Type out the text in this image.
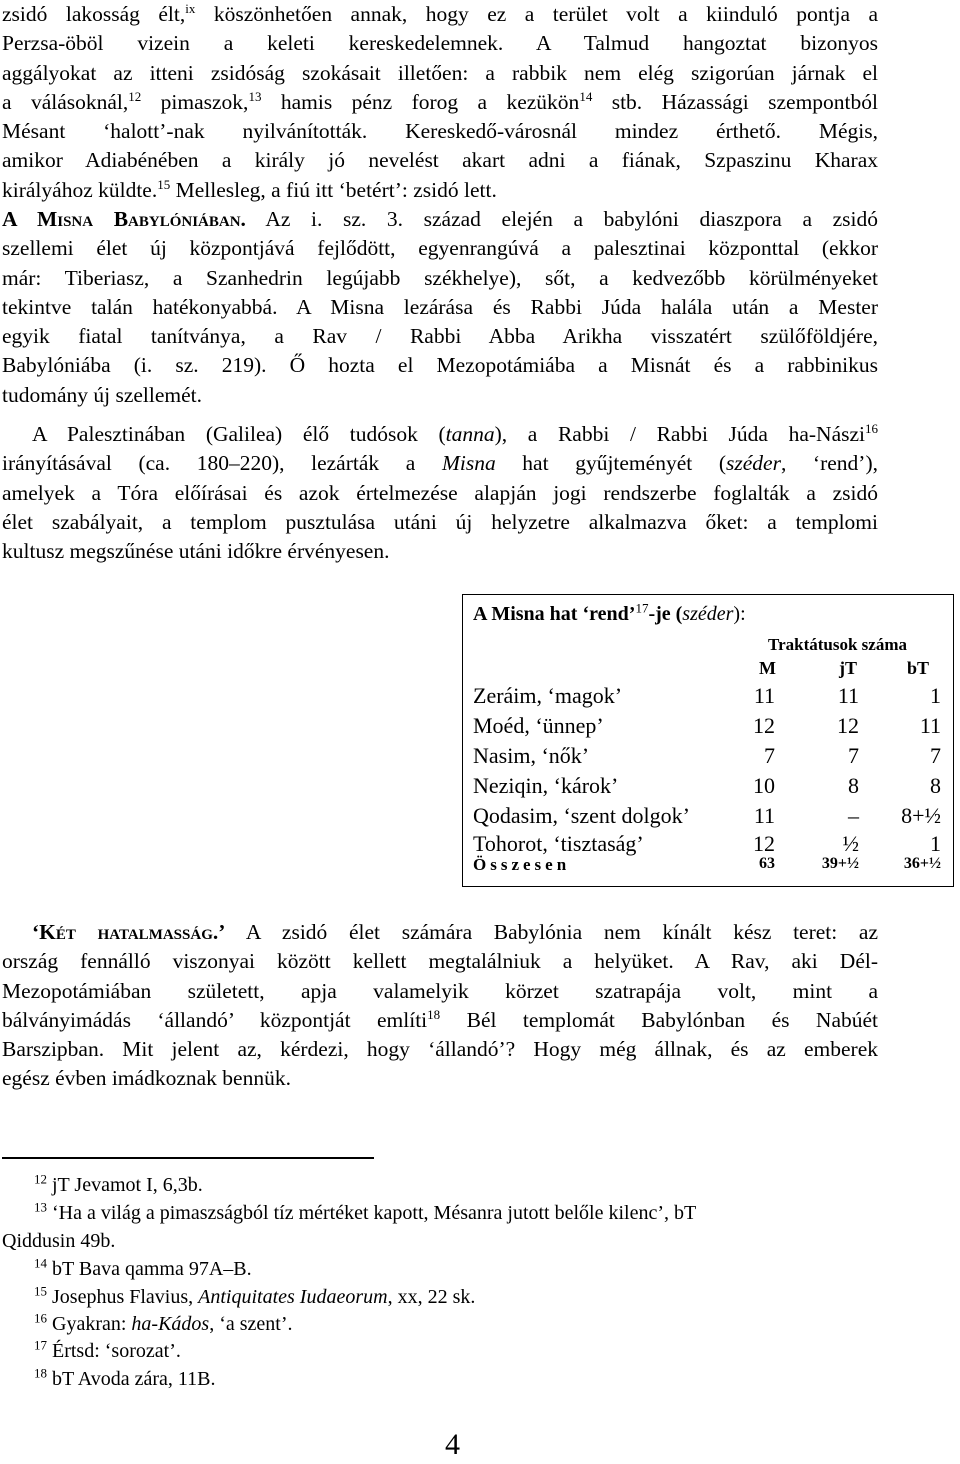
zsidó lakosság élt,$^{ix}$ köszönhetően annak, hogy ez a terület volt a kiinduló pontja a
Perzsa-öböl vizein a keleti kereskedelemnek. A Talmud hangoztat bizonyos
aggályokat az itteni zsidóság szokásait illetően: a rabbik nem elég szigorúan járnak el
a válásoknál,$^{12}$ pimaszok,$^{13}$ hamis pénz forog a kezükön$^{14}$ stb. Házassági szempontból
Mésant ‘halott’-nak nyilvánították. Kereskedő-városnál mindez érthető. Mégis,
amikor Adiabénében a király jó nevelést akart adni a fiának, Szpaszinu Kharax
királyához küldte.$^{15}$ Mellesleg, a fiú itt ‘betért’: zsidó lett.
A Misna Babylóniában. Az i. sz. 3. század elején a babylóni diaszpora a zsidó
szellemi élet új központjává fejlődött, egyenrangúvá a palesztinai központtal (ekkor
már: Tiberiasz, a Szanhedrin legújabb székhelye), sőt, a kedvezőbb körülményeket
tekintve talán hatékonyabbá. A Misna lezárása és Rabbi Júda halála után a Mester
egyik fiatal tanítványa, a Rav / Rabbi Abba Arikha visszatért szülőföldjére,
Babylóniába (i. sz. 219). Ő hozta el Mezopotámiába a Misnát és a rabbinikus
tudomány új szellemét.
A Palesztinában (Galilea) élő tudósok (tanna), a Rabbi / Rabbi Júda ha-Nászi$^{16}$
irányításával (ca. 180–220), lezárták a Misna hat gyűjteményét (széder, ‘rend’),
amelyek a Tóra előírásai és azok értelmezése alapján jogi rendszerbe foglalták a zsidó
élet szabályait, a templom pusztulása utáni új helyzetre alkalmazva őket: a templomi
kultusz megszűnése utáni időkre érvényesen.
A Misna hat ‘rend’$^{17}$-je (széder):
Traktátusok száma
M	jT	bT
Zeráim, ‘magok’	11	11	1
Moéd, ‘ünnep’	12	12	11
Nasim, ‘nők’	7	7	7
Neziqin, ‘károk’	10	8	8
Qodasim, ‘szent dolgok’	11	–	8+½
Tohorot, ‘tisztaság’	12	½	1
Összesen	63	39+½	36+½
‘Két hatalmasság.’ A zsidó élet számára Babylónia nem kínált kész teret: az
ország fennálló viszonyai között kellett megtalálniuk a helyüket. A Rav, aki Dél-
Mezopotámiában született, apja valamelyik körzet szatrapája volt, mint a
bálványimádás ‘állandó’ központját említi$^{18}$ Bél templomát Babylónban és Nabúét
Barszipban. Mit jelent az, kérdezi, hogy ‘állandó’? Hogy még állnak, és az emberek
egész évben imádkoznak bennük.
$^{12}$ jT Jevamot I, 6,3b.
$^{13}$ ‘Ha a világ a pimaszságból tíz mértéket kapott, Mésanra jutott belőle kilenc’, bT
Qiddusin 49b.
$^{14}$ bT Bava qamma 97A–B.
$^{15}$ Josephus Flavius, Antiquitates Iudaeorum, xx, 22 sk.
$^{16}$ Gyakran: ha-Kádos, ‘a szent’.
$^{17}$ Értsd: ‘sorozat’.
$^{18}$ bT Avoda zára, 11B.
4
